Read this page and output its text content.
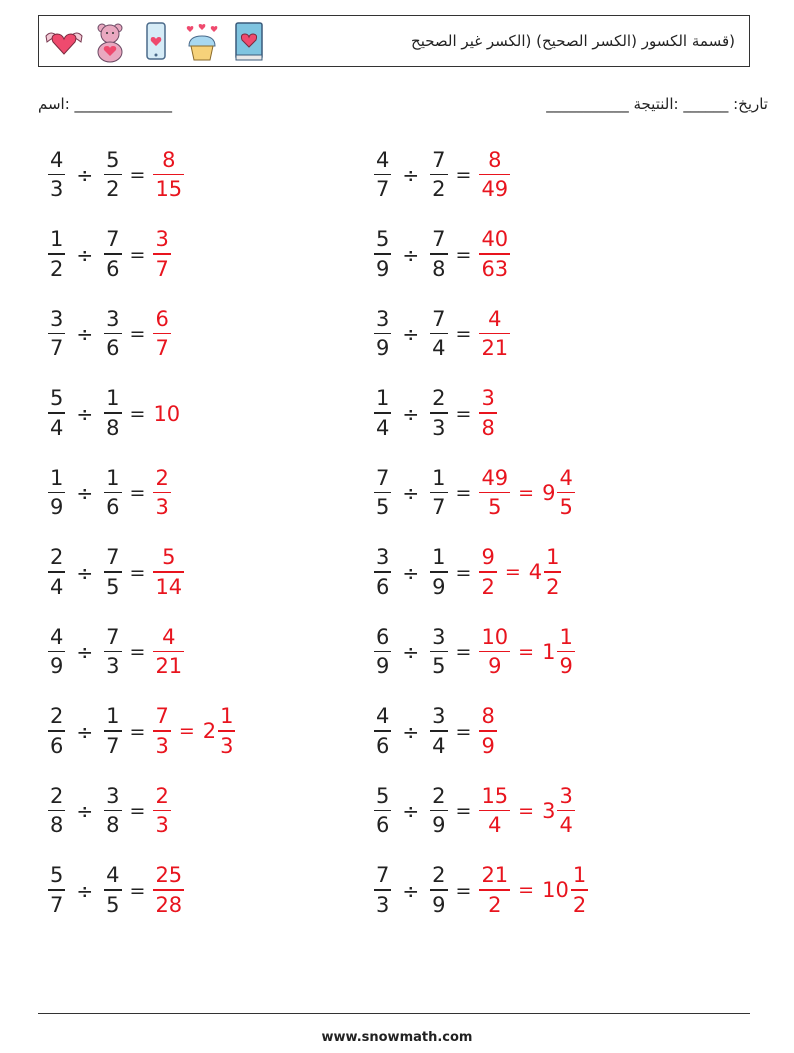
(قسمة الكسور (الكسر الصحيح) (الكسر غير الصحيح
اسم: _____________	تاريخ: ______ :النتيجة ___________
$\frac{4}{3} \div \frac{5}{2} = \frac{8}{15}$	$\frac{4}{7} \div \frac{7}{2} = \frac{8}{49}$
$\frac{1}{2} \div \frac{7}{6} = \frac{3}{7}$	$\frac{5}{9} \div \frac{7}{8} = \frac{40}{63}$
$\frac{3}{7} \div \frac{3}{6} = \frac{6}{7}$	$\frac{3}{9} \div \frac{7}{4} = \frac{4}{21}$
$\frac{5}{4} \div \frac{1}{8} = 10$	$\frac{1}{4} \div \frac{2}{3} = \frac{3}{8}$
$\frac{1}{9} \div \frac{1}{6} = \frac{2}{3}$	$\frac{7}{5} \div \frac{1}{7} = \frac{49}{5} = 9 \frac{4}{5}$
$\frac{2}{4} \div \frac{7}{5} = \frac{5}{14}$	$\frac{3}{6} \div \frac{1}{9} = \frac{9}{2} = 4 \frac{1}{2}$
$\frac{4}{9} \div \frac{7}{3} = \frac{4}{21}$	$\frac{6}{9} \div \frac{3}{5} = \frac{10}{9} = 1 \frac{1}{9}$
$\frac{2}{6} \div \frac{1}{7} = \frac{7}{3} = 2 \frac{1}{3}$	$\frac{4}{6} \div \frac{3}{4} = \frac{8}{9}$
$\frac{2}{8} \div \frac{3}{8} = \frac{2}{3}$	$\frac{5}{6} \div \frac{2}{9} = \frac{15}{4} = 3 \frac{3}{4}$
$\frac{5}{7} \div \frac{4}{5} = \frac{25}{28}$	$\frac{7}{3} \div \frac{2}{9} = \frac{21}{2} = 10 \frac{1}{2}$
www.snowmath.com
